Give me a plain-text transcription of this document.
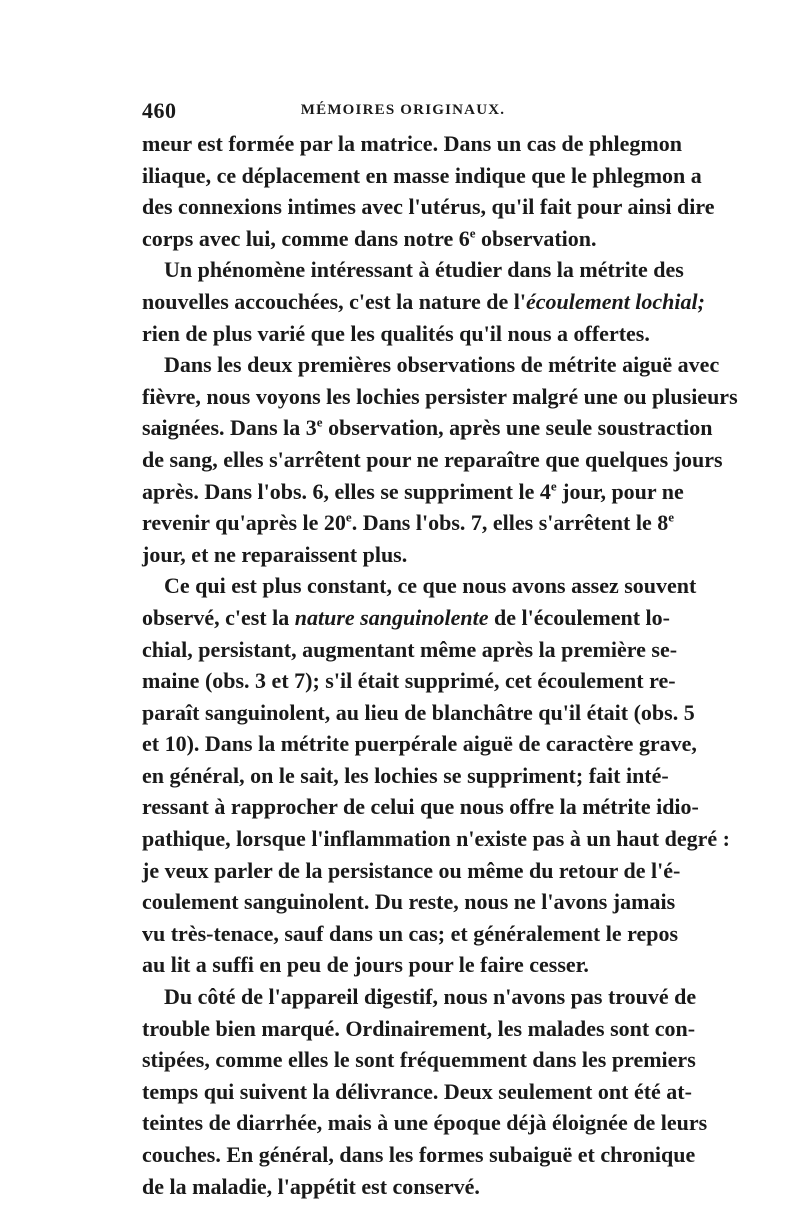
460	MÉMOIRES ORIGINAUX.
meur est formée par la matrice. Dans un cas de phlegmon
iliaque, ce déplacement en masse indique que le phlegmon a
des connexions intimes avec l'utérus, qu'il fait pour ainsi dire
corps avec lui, comme dans notre 6e observation.
Un phénomène intéressant à étudier dans la métrite des
nouvelles accouchées, c'est la nature de l'écoulement lochial;
rien de plus varié que les qualités qu'il nous a offertes.
Dans les deux premières observations de métrite aiguë avec
fièvre, nous voyons les lochies persister malgré une ou plusieurs
saignées. Dans la 3e observation, après une seule soustraction
de sang, elles s'arrêtent pour ne reparaître que quelques jours
après. Dans l'obs. 6, elles se suppriment le 4e jour, pour ne
revenir qu'après le 20e. Dans l'obs. 7, elles s'arrêtent le 8e
jour, et ne reparaissent plus.
Ce qui est plus constant, ce que nous avons assez souvent
observé, c'est la nature sanguinolente de l'écoulement lo-
chial, persistant, augmentant même après la première se-
maine (obs. 3 et 7); s'il était supprimé, cet écoulement re-
paraît sanguinolent, au lieu de blanchâtre qu'il était (obs. 5
et 10). Dans la métrite puerpérale aiguë de caractère grave,
en général, on le sait, les lochies se suppriment; fait inté-
ressant à rapprocher de celui que nous offre la métrite idio-
pathique, lorsque l'inflammation n'existe pas à un haut degré :
je veux parler de la persistance ou même du retour de l'é-
coulement sanguinolent. Du reste, nous ne l'avons jamais
vu très-tenace, sauf dans un cas; et généralement le repos
au lit a suffi en peu de jours pour le faire cesser.
Du côté de l'appareil digestif, nous n'avons pas trouvé de
trouble bien marqué. Ordinairement, les malades sont con-
stipées, comme elles le sont fréquemment dans les premiers
temps qui suivent la délivrance. Deux seulement ont été at-
teintes de diarrhée, mais à une époque déjà éloignée de leurs
couches. En général, dans les formes subaiguë et chronique
de la maladie, l'appétit est conservé.
